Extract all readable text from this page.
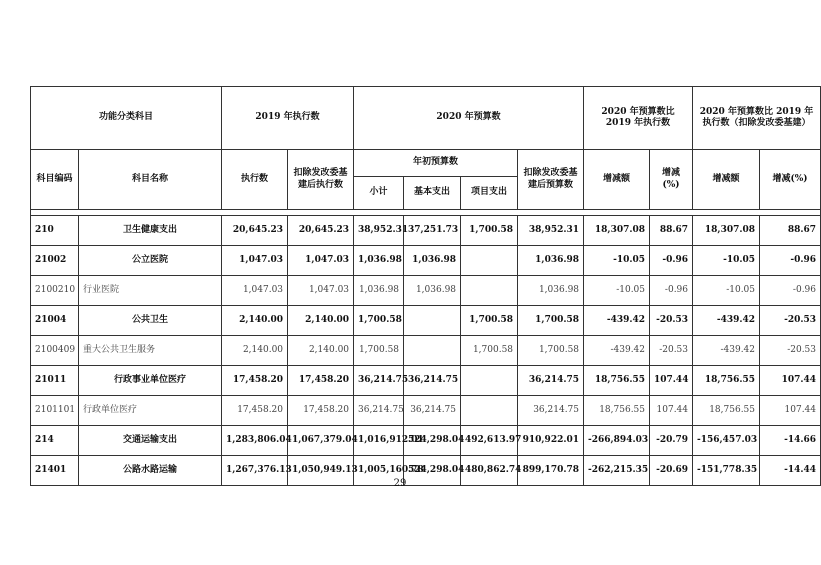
功能分类科目		2019 年执行数		2020 年预算数				2020 年预算数比 2019 年执行数		2020 年预算数比 2019 年执行数（扣除发改委基建）	
科目编码	科目名称	执行数	扣除发改委基建后执行数	年初预算数			扣除发改委基建后预算数	增减额	增减(%)	增减额	增减(%)
				小计	基本支出	项目支出					

210	卫生健康支出	20,645.23	20,645.23	38,952.31	37,251.73	1,700.58	38,952.31	18,307.08	88.67	18,307.08	88.67
21002	公立医院	1,047.03	1,047.03	1,036.98	1,036.98		1,036.98	-10.05	-0.96	-10.05	-0.96
2100210	行业医院	1,047.03	1,047.03	1,036.98	1,036.98		1,036.98	-10.05	-0.96	-10.05	-0.96
21004	公共卫生	2,140.00	2,140.00	1,700.58		1,700.58	1,700.58	-439.42	-20.53	-439.42	-20.53
2100409	重大公共卫生服务	2,140.00	2,140.00	1,700.58		1,700.58	1,700.58	-439.42	-20.53	-439.42	-20.53
21011	行政事业单位医疗	17,458.20	17,458.20	36,214.75	36,214.75		36,214.75	18,756.55	107.44	18,756.55	107.44
2101101	行政单位医疗	17,458.20	17,458.20	36,214.75	36,214.75		36,214.75	18,756.55	107.44	18,756.55	107.44
214	交通运输支出	1,283,806.04	1,067,379.04	1,016,912.01	524,298.04	492,613.97	910,922.01	-266,894.03	-20.79	-156,457.03	-14.66
21401	公路水路运输	1,267,376.13	1,050,949.13	1,005,160.78	524,298.04	480,862.74	899,170.78	-262,215.35	-20.69	-151,778.35	-14.44
29
